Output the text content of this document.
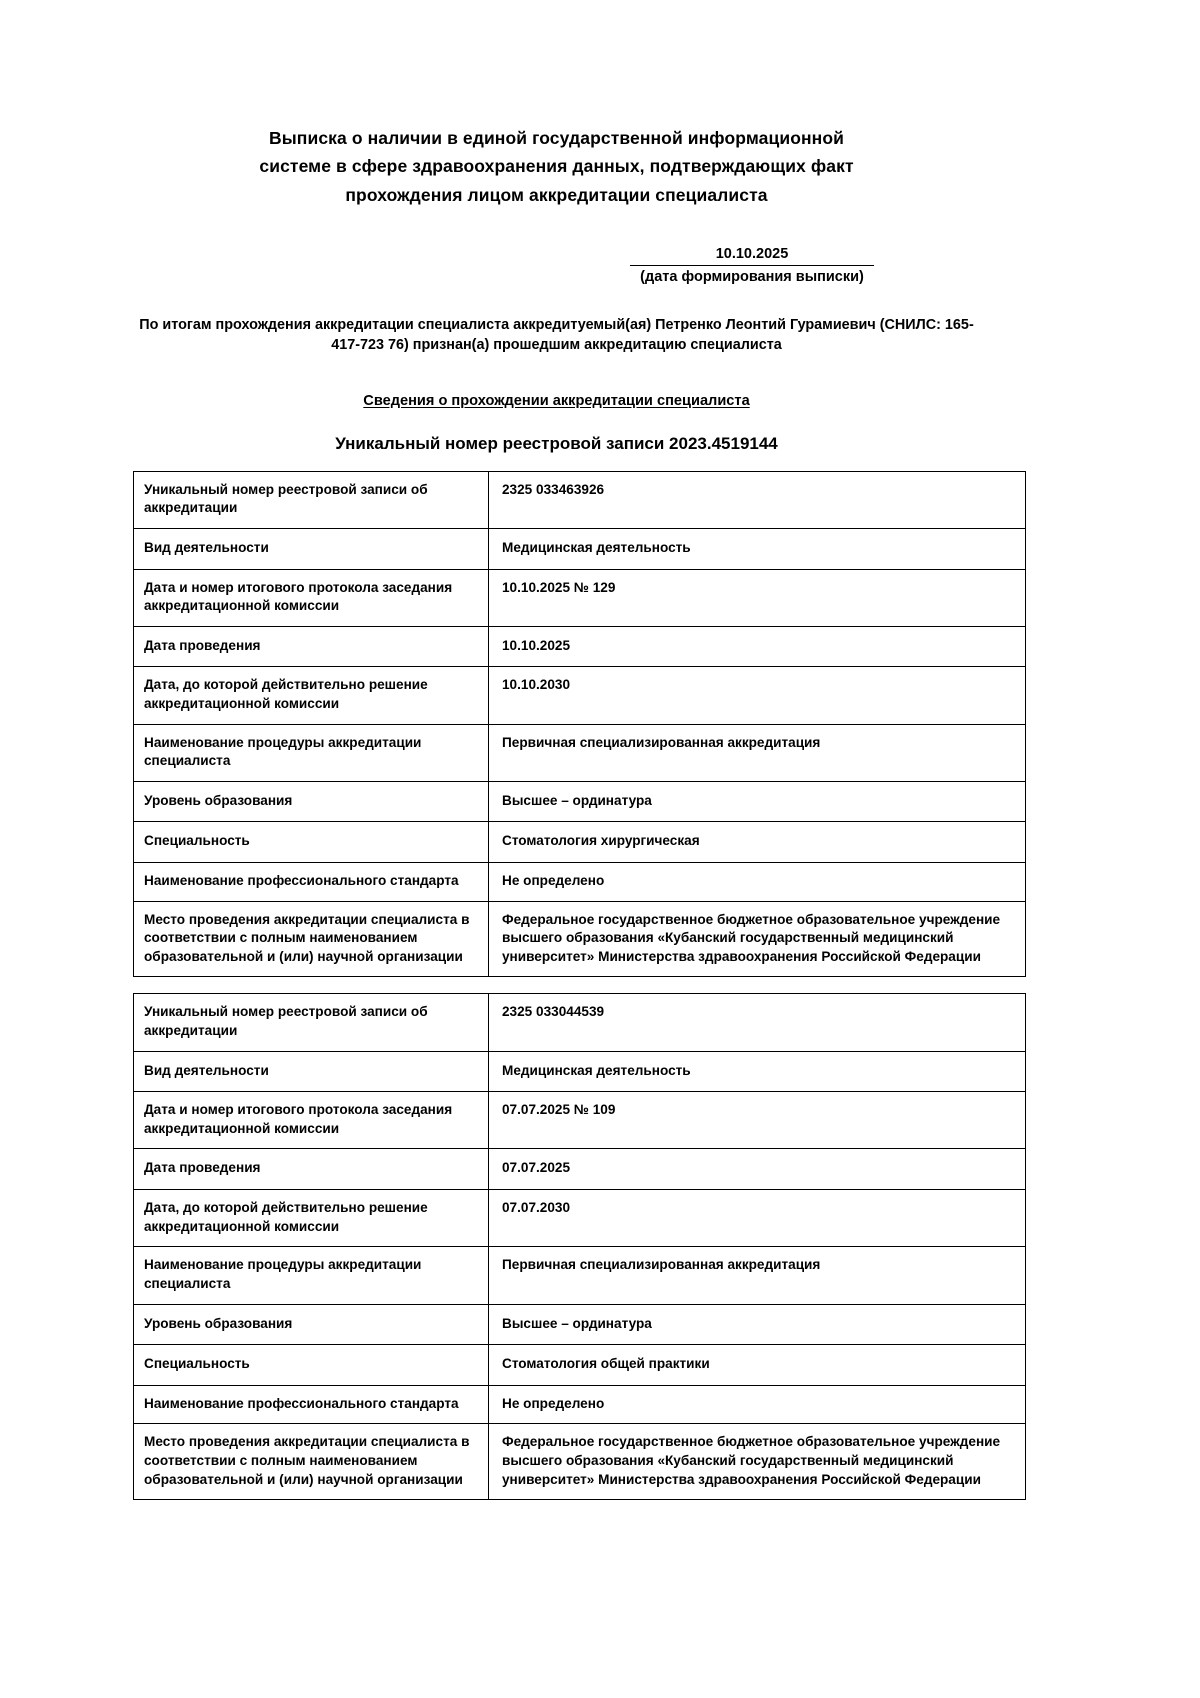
Выписка о наличии в единой государственной информационной
системе в сфере здравоохранения данных, подтверждающих факт
прохождения лицом аккредитации специалиста
10.10.2025
(дата формирования выписки)
По итогам прохождения аккредитации специалиста аккредитуемый(ая) Петренко Леонтий Гурамиевич (СНИЛС: 165-417-723 76) признан(а) прошедшим аккредитацию специалиста
Сведения о прохождении аккредитации специалиста
Уникальный номер реестровой записи 2023.4519144
Уникальный номер реестровой записи об аккредитации	2325 033463926
Вид деятельности	Медицинская деятельность
Дата и номер итогового протокола заседания аккредитационной комиссии	10.10.2025 № 129
Дата проведения	10.10.2025
Дата, до которой действительно решение аккредитационной комиссии	10.10.2030
Наименование процедуры аккредитации специалиста	Первичная специализированная аккредитация
Уровень образования	Высшее – ординатура
Специальность	Стоматология хирургическая
Наименование профессионального стандарта	Не определено
Место проведения аккредитации специалиста в соответствии с полным наименованием образовательной и (или) научной организации	Федеральное государственное бюджетное образовательное учреждение высшего образования «Кубанский государственный медицинский университет» Министерства здравоохранения Российской Федерации
Уникальный номер реестровой записи об аккредитации	2325 033044539
Вид деятельности	Медицинская деятельность
Дата и номер итогового протокола заседания аккредитационной комиссии	07.07.2025 № 109
Дата проведения	07.07.2025
Дата, до которой действительно решение аккредитационной комиссии	07.07.2030
Наименование процедуры аккредитации специалиста	Первичная специализированная аккредитация
Уровень образования	Высшее – ординатура
Специальность	Стоматология общей практики
Наименование профессионального стандарта	Не определено
Место проведения аккредитации специалиста в соответствии с полным наименованием образовательной и (или) научной организации	Федеральное государственное бюджетное образовательное учреждение высшего образования «Кубанский государственный медицинский университет» Министерства здравоохранения Российской Федерации
